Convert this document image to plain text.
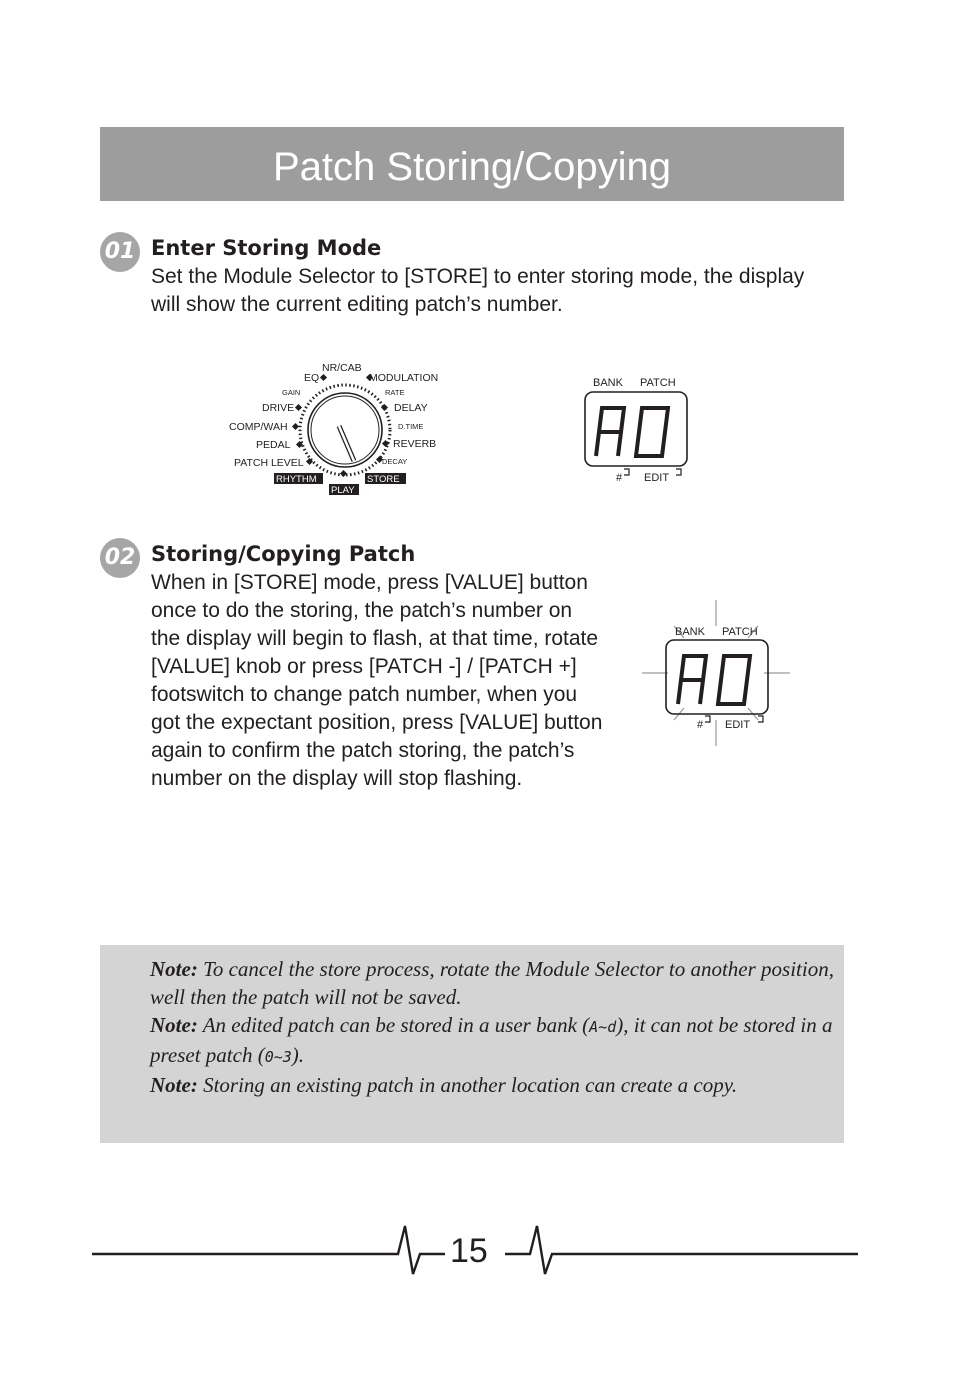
Patch Storing/Copying
01 Enter Storing Mode
Set the Module Selector to [STORE] to enter storing mode, the display will show the current editing patch’s number.
NR/CAB
EQ	MODULATION
GAIN	RATE
DRIVE	DELAY
COMP/WAH	D.TIME
PEDAL	REVERB
PATCH LEVEL	DECAY
RHYTHM
PLAY
STORE
BANK PATCH
# EDIT
02 Storing/Copying Patch
When in [STORE] mode, press [VALUE] button once to do the storing, the patch’s number on the display will begin to flash, at that time, rotate [VALUE] knob or press [PATCH -] / [PATCH +] footswitch to change patch number, when you got the expectant position, press [VALUE] button again to confirm the patch storing, the patch’s number on the display will stop flashing.
BANK PATCH
# EDIT
Note: To cancel the store process, rotate the Module Selector to another position, well then the patch will not be saved.
Note: An edited patch can be stored in a user bank (A~d), it can not be stored in a preset patch (0~3).
Note: Storing an existing patch in another location can create a copy.
15
